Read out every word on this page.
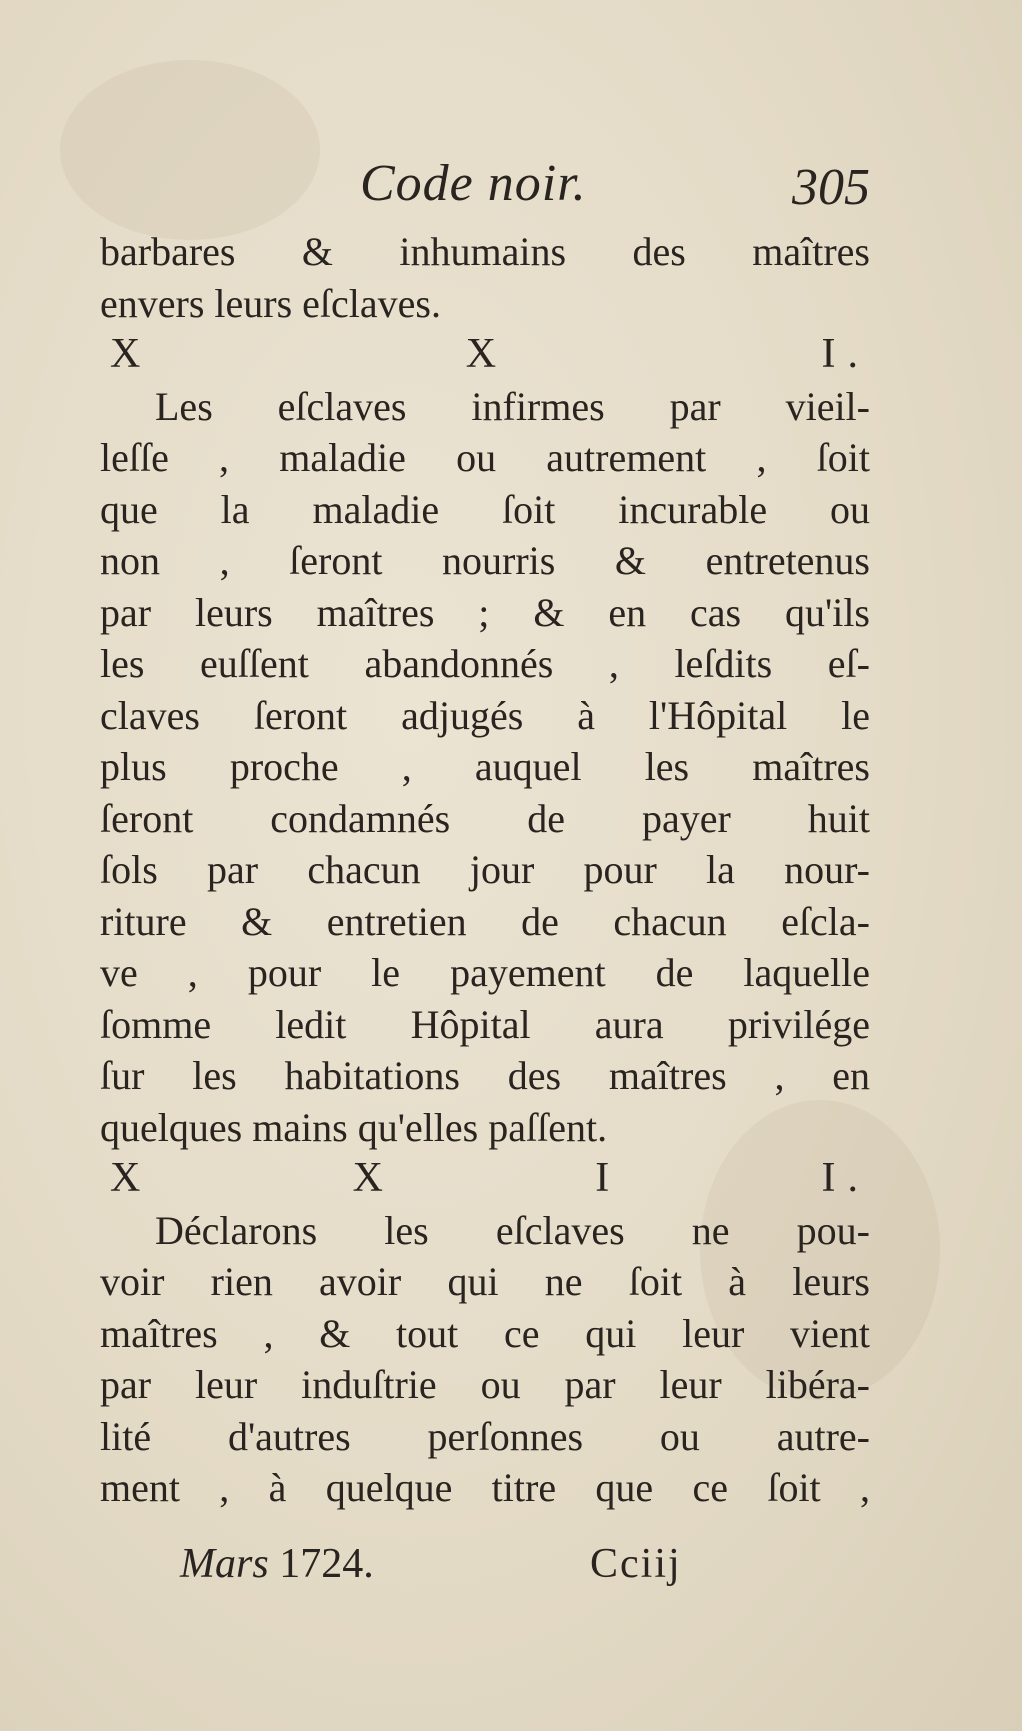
Code noir.	305

barbares & inhumains des maîtres

envers leurs eſclaves.

X X I.

Les eſclaves infirmes par vieil-

leſſe , maladie ou autrement , ſoit

que la maladie ſoit incurable ou

non , ſeront nourris & entretenus

par leurs maîtres ; & en cas qu'ils

les euſſent abandonnés , leſdits eſ-

claves ſeront adjugés à l'Hôpital le

plus proche , auquel les maîtres

ſeront condamnés de payer huit

ſols par chacun jour pour la nour-

riture & entretien de chacun eſcla-

ve , pour le payement de laquelle

ſomme ledit Hôpital aura privilége

ſur les habitations des maîtres , en

quelques mains qu'elles paſſent.

X X I I.

Déclarons les eſclaves ne pou-

voir rien avoir qui ne ſoit à leurs

maîtres , & tout ce qui leur vient

par leur induſtrie ou par leur libéra-

lité d'autres perſonnes ou autre-

ment , à quelque titre que ce ſoit ,

Mars 1724.	Cciij
